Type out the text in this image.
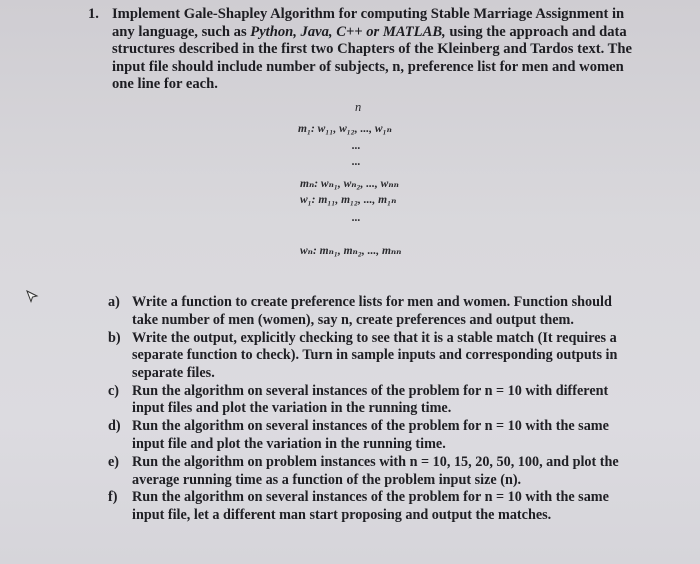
1. Implement Gale-Shapley Algorithm for computing Stable Marriage Assignment in any language, such as Python, Java, C++ or MATLAB, using the approach and data structures described in the first two Chapters of the Kleinberg and Tardos text. The input file should include number of subjects, n, preference list for men and women one line for each.

n
m₁: w₁₁, w₁₂, ..., w₁ₙ
...
...
mₙ: wₙ₁, wₙ₂, ..., wₙₙ
w₁: m₁₁, m₁₂, ..., m₁ₙ
...
wₙ: mₙ₁, mₙ₂, ..., mₙₙ
a) Write a function to create preference lists for men and women. Function should take number of men (women), say n, create preferences and output them.
b) Write the output, explicitly checking to see that it is a stable match (It requires a separate function to check). Turn in sample inputs and corresponding outputs in separate files.
c) Run the algorithm on several instances of the problem for n = 10 with different input files and plot the variation in the running time.
d) Run the algorithm on several instances of the problem for n = 10 with the same input file and plot the variation in the running time.
e) Run the algorithm on problem instances with n = 10, 15, 20, 50, 100, and plot the average running time as a function of the problem input size (n).
f) Run the algorithm on several instances of the problem for n = 10 with the same input file, let a different man start proposing and output the matches.
